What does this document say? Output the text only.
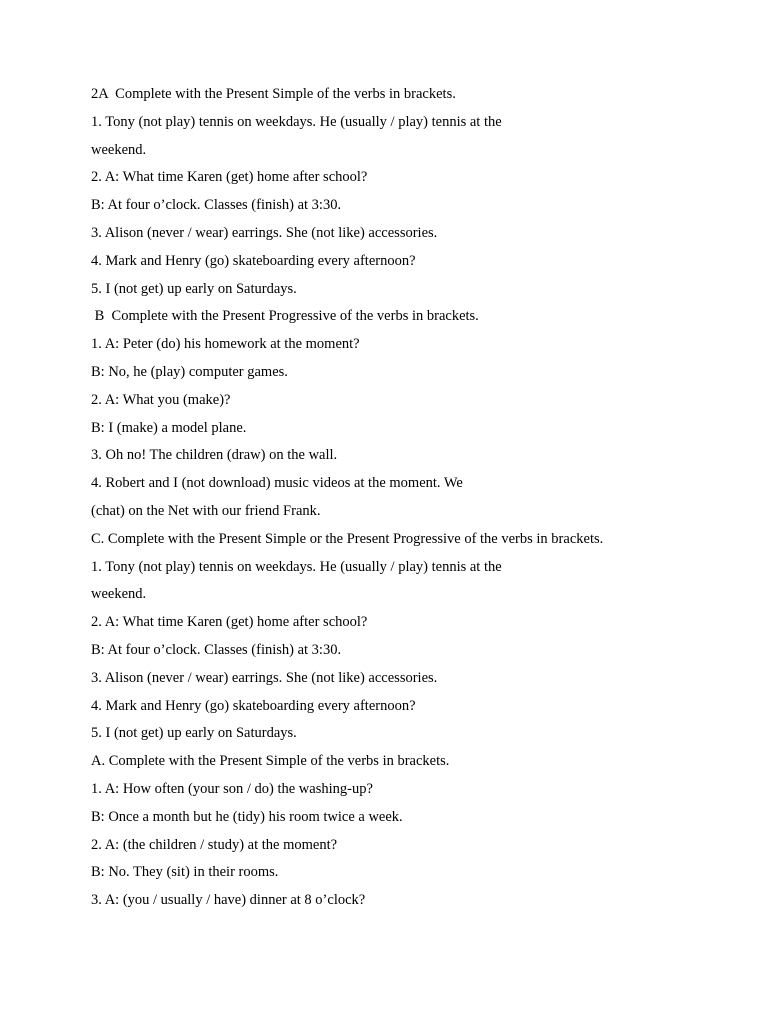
2A  Complete with the Present Simple of the verbs in brackets.
1. Tony (not play) tennis on weekdays. He (usually / play) tennis at the
weekend.
2. A: What time Karen (get) home after school?
B: At four o’clock. Classes (finish) at 3:30.
3. Alison (never / wear) earrings. She (not like) accessories.
4. Mark and Henry (go) skateboarding every afternoon?
5. I (not get) up early on Saturdays.
B  Complete with the Present Progressive of the verbs in brackets.
1. A: Peter (do) his homework at the moment?
B: No, he (play) computer games.
2. A: What you (make)?
B: I (make) a model plane.
3. Oh no! The children (draw) on the wall.
4. Robert and I (not download) music videos at the moment. We
(chat) on the Net with our friend Frank.
C. Complete with the Present Simple or the Present Progressive of the verbs in brackets.
1. Tony (not play) tennis on weekdays. He (usually / play) tennis at the
weekend.
2. A: What time Karen (get) home after school?
B: At four o’clock. Classes (finish) at 3:30.
3. Alison (never / wear) earrings. She (not like) accessories.
4. Mark and Henry (go) skateboarding every afternoon?
5. I (not get) up early on Saturdays.
A. Complete with the Present Simple of the verbs in brackets.
1. A: How often (your son / do) the washing-up?
B: Once a month but he (tidy) his room twice a week.
2. A: (the children / study) at the moment?
B: No. They (sit) in their rooms.
3. A: (you / usually / have) dinner at 8 o’clock?
